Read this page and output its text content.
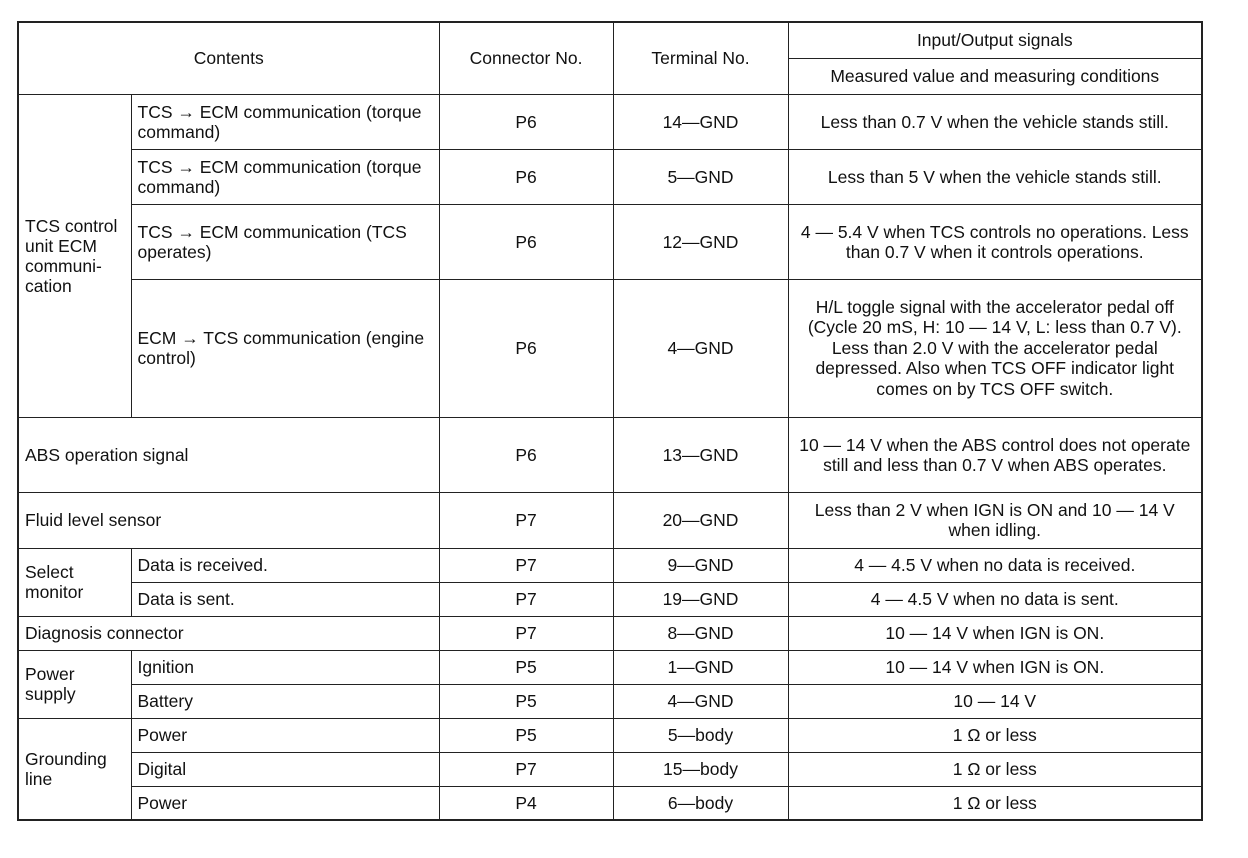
Contents		Connector No.	Terminal No.	Input/Output signals
				Measured value and measuring conditions
TCS control unit ECM communi-cation	TCS → ECM communication (torque command)	P6	14—GND	Less than 0.7 V when the vehicle stands still.
	TCS → ECM communication (torque command)	P6	5—GND	Less than 5 V when the vehicle stands still.
	TCS → ECM communication (TCS operates)	P6	12—GND	4 — 5.4 V when TCS controls no operations. Less than 0.7 V when it controls operations.
	ECM → TCS communication (engine control)	P6	4—GND	H/L toggle signal with the accelerator pedal off (Cycle 20 mS, H: 10 — 14 V, L: less than 0.7 V). Less than 2.0 V with the accelerator pedal depressed. Also when TCS OFF indicator light comes on by TCS OFF switch.
ABS operation signal		P6	13—GND	10 — 14 V when the ABS control does not operate still and less than 0.7 V when ABS operates.
Fluid level sensor		P7	20—GND	Less than 2 V when IGN is ON and 10 — 14 V when idling.
Select monitor	Data is received.	P7	9—GND	4 — 4.5 V when no data is received.
	Data is sent.	P7	19—GND	4 — 4.5 V when no data is sent.
Diagnosis connector		P7	8—GND	10 — 14 V when IGN is ON.
Power supply	Ignition	P5	1—GND	10 — 14 V when IGN is ON.
	Battery	P5	4—GND	10 — 14 V
Grounding line	Power	P5	5—body	1 Ω or less
	Digital	P7	15—body	1 Ω or less
	Power	P4	6—body	1 Ω or less
